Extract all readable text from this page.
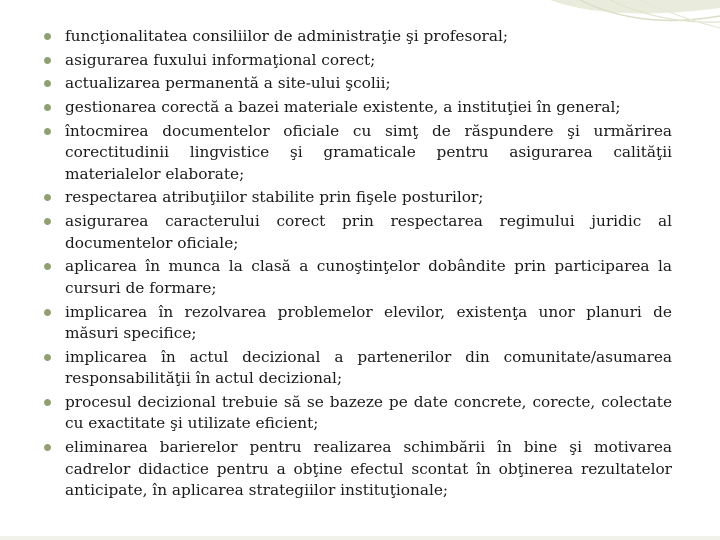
funcţionalitatea consiliilor de administraţie şi profesoral;
asigurarea fuxului informaţional corect;
actualizarea permanentă a site-ului şcolii;
gestionarea corectă a bazei materiale existente, a instituţiei în general;
întocmirea documentelor oficiale cu simţ de răspundere şi urmărirea corectitudinii lingvistice şi gramaticale pentru asigurarea calităţii materialelor elaborate;
respectarea atribuţiilor stabilite prin fişele posturilor;
asigurarea caracterului corect prin respectarea regimului juridic al documentelor oficiale;
aplicarea în munca la clasă a cunoştinţelor dobândite prin participarea la cursuri de formare;
implicarea în rezolvarea problemelor elevilor, existenţa unor planuri de măsuri specifice;
implicarea în actul decizional a partenerilor din comunitate/asumarea responsabilităţii în actul decizional;
procesul decizional trebuie să se bazeze pe date concrete, corecte, colectate cu exactitate şi utilizate eficient;
eliminarea barierelor pentru realizarea schimbării în bine şi motivarea cadrelor didactice pentru a obţine efectul scontat în obţinerea rezultatelor anticipate, în aplicarea strategiilor instituţionale;
